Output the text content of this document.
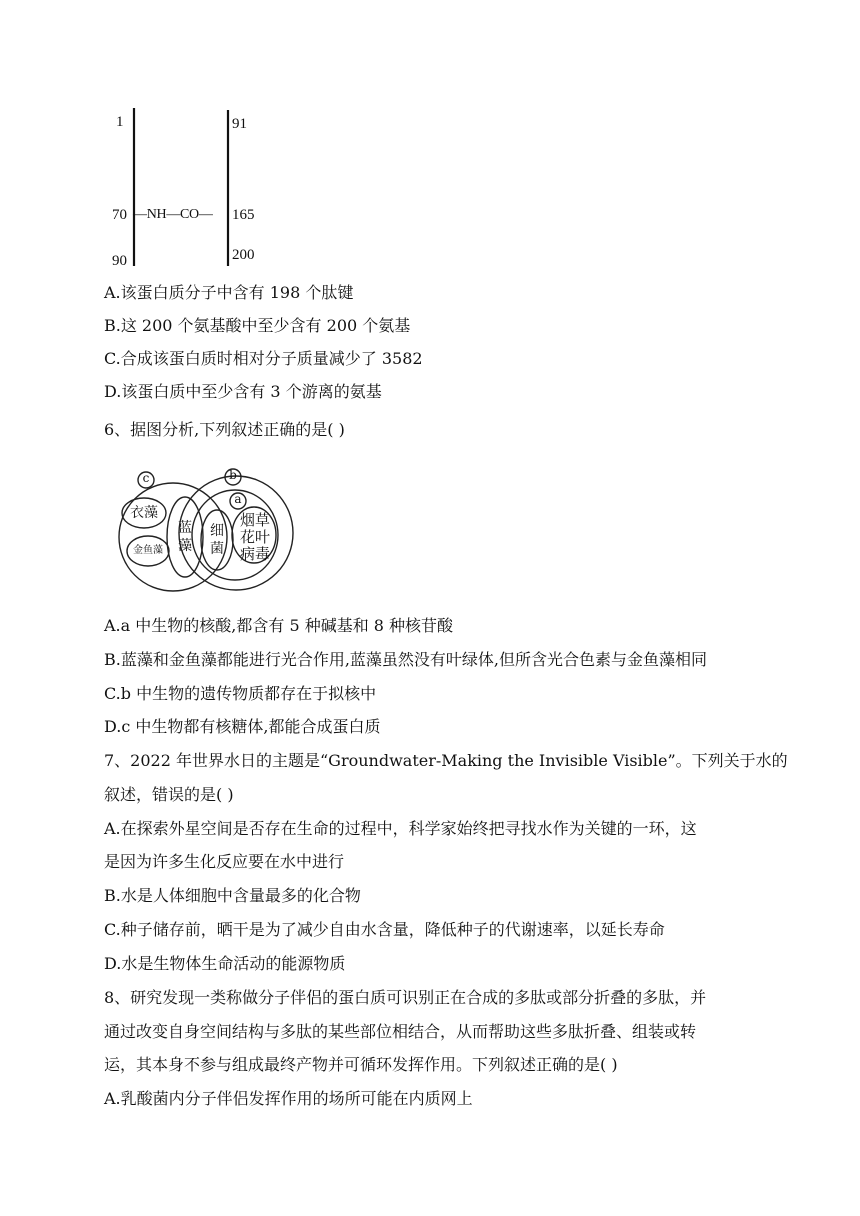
1
70
90
91
165
200
—NH—CO—
A.该蛋白质分子中含有 198 个肽键
B.这 200 个氨基酸中至少含有 200 个氨基
C.合成该蛋白质时相对分子质量减少了 3582
D.该蛋白质中至少含有 3 个游离的氨基
6、据图分析,下列叙述正确的是( )
c	b
a
衣藻
金鱼藻
蓝
藻
细
菌
烟草
花叶
病毒
A.a 中生物的核酸,都含有 5 种碱基和 8 种核苷酸
B.蓝藻和金鱼藻都能进行光合作用,蓝藻虽然没有叶绿体,但所含光合色素与金鱼藻相同
C.b 中生物的遗传物质都存在于拟核中
D.c 中生物都有核糖体,都能合成蛋白质
7、2022 年世界水日的主题是“Groundwater-Making the Invisible Visible”。下列关于水的
叙述，错误的是( )
A.在探索外星空间是否存在生命的过程中，科学家始终把寻找水作为关键的一环，这
是因为许多生化反应要在水中进行
B.水是人体细胞中含量最多的化合物
C.种子储存前，晒干是为了减少自由水含量，降低种子的代谢速率，以延长寿命
D.水是生物体生命活动的能源物质
8、研究发现一类称做分子伴侣的蛋白质可识别正在合成的多肽或部分折叠的多肽，并
通过改变自身空间结构与多肽的某些部位相结合，从而帮助这些多肽折叠、组装或转
运，其本身不参与组成最终产物并可循环发挥作用。下列叙述正确的是( )
A.乳酸菌内分子伴侣发挥作用的场所可能在内质网上
